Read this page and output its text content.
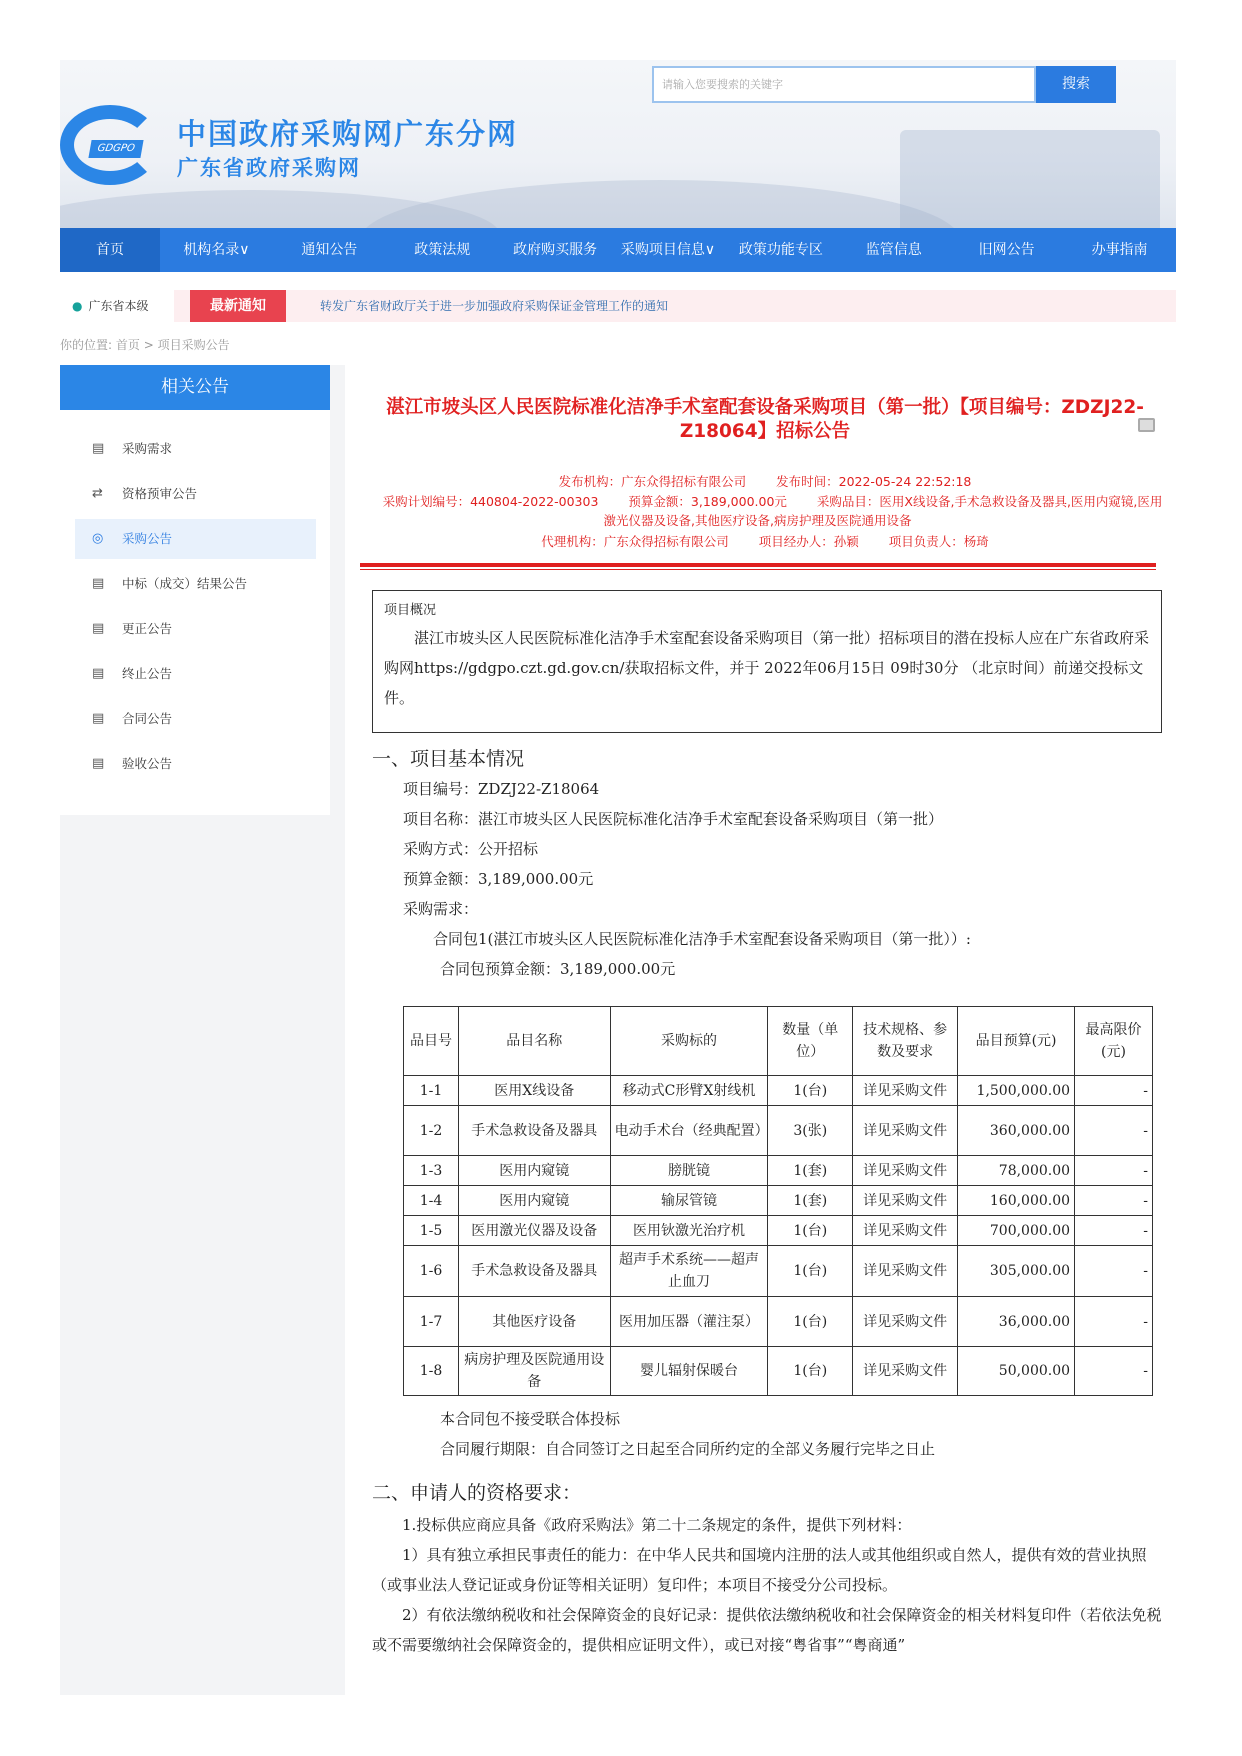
GDGPO 中国政府采购网广东分网
广东省政府采购网
请输入您要搜索的关键字	搜索
首页	机构名录∨	通知公告	政策法规	政府购买服务	采购项目信息∨	政策功能专区	监管信息	旧网公告	办事指南
● 广东省本级	最新通知	转发广东省财政厅关于进一步加强政府采购保证金管理工作的通知
你的位置: 首页 > 项目采购公告
相关公告
▤ 采购需求
⇄ 资格预审公告
◎ 采购公告
▤ 中标（成交）结果公告
▤ 更正公告
▤ 终止公告
▤ 合同公告
▤ 验收公告
湛江市坡头区人民医院标准化洁净手术室配套设备采购项目（第一批）【项目编号：ZDZJ22-Z18064】招标公告
发布机构：广东众得招标有限公司 发布时间：2022-05-24 22:52:18
采购计划编号：440804-2022-00303 预算金额：3,189,000.00元 采购品目：医用X线设备,手术急救设备及器具,医用内窥镜,医用激光仪器及设备,其他医疗设备,病房护理及医院通用设备
代理机构：广东众得招标有限公司 项目经办人：孙颖 项目负责人：杨琦
项目概况
湛江市坡头区人民医院标准化洁净手术室配套设备采购项目（第一批）招标项目的潜在投标人应在广东省政府采购网https://gdgpo.czt.gd.gov.cn/获取招标文件，并于 2022年06月15日 09时30分 （北京时间）前递交投标文件。
一、项目基本情况
项目编号：ZDZJ22-Z18064
项目名称：湛江市坡头区人民医院标准化洁净手术室配套设备采购项目（第一批）
采购方式：公开招标
预算金额：3,189,000.00元
采购需求：
合同包1(湛江市坡头区人民医院标准化洁净手术室配套设备采购项目（第一批））:
合同包预算金额：3,189,000.00元
品目号	品目名称	采购标的	数量（单位）	技术规格、参数及要求	品目预算(元)	最高限价(元)
1-1	医用X线设备	移动式C形臂X射线机	1(台)	详见采购文件	1,500,000.00	-
1-2	手术急救设备及器具	电动手术台（经典配置）	3(张)	详见采购文件	360,000.00	-
1-3	医用内窥镜	膀胱镜	1(套)	详见采购文件	78,000.00	-
1-4	医用内窥镜	输尿管镜	1(套)	详见采购文件	160,000.00	-
1-5	医用激光仪器及设备	医用钬激光治疗机	1(台)	详见采购文件	700,000.00	-
1-6	手术急救设备及器具	超声手术系统——超声止血刀	1(台)	详见采购文件	305,000.00	-
1-7	其他医疗设备	医用加压器（灌注泵）	1(台)	详见采购文件	36,000.00	-
1-8	病房护理及医院通用设备	婴儿辐射保暖台	1(台)	详见采购文件	50,000.00	-
本合同包不接受联合体投标
合同履行期限：自合同签订之日起至合同所约定的全部义务履行完毕之日止
二、申请人的资格要求：
1.投标供应商应具备《政府采购法》第二十二条规定的条件，提供下列材料：
1）具有独立承担民事责任的能力：在中华人民共和国境内注册的法人或其他组织或自然人，提供有效的营业执照（或事业法人登记证或身份证等相关证明）复印件；本项目不接受分公司投标。
2）有依法缴纳税收和社会保障资金的良好记录：提供依法缴纳税收和社会保障资金的相关材料复印件（若依法免税或不需要缴纳社会保障资金的，提供相应证明文件），或已对接“粤省事”“粤商通”
